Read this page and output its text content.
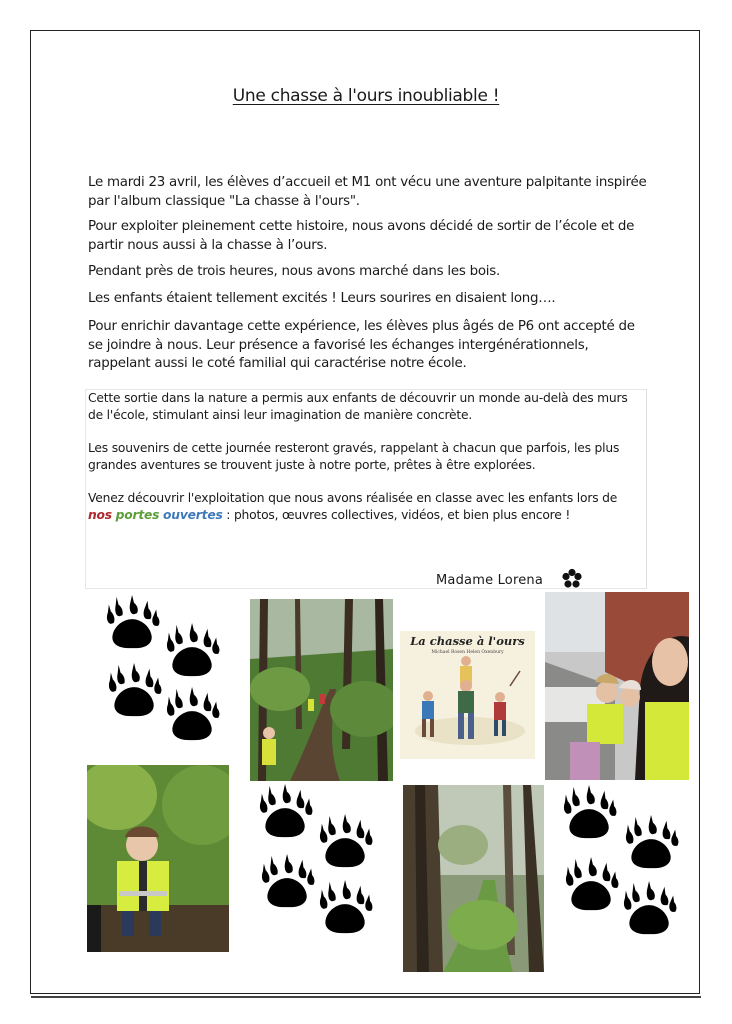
Une chasse à l'ours inoubliable !

Le mardi 23 avril, les élèves d’accueil et M1 ont vécu une aventure palpitante inspirée par l'album classique "La chasse à l'ours".

Pour exploiter pleinement cette histoire, nous avons décidé de sortir de l’école et de partir nous aussi à la chasse à l’ours.

Pendant près de trois heures, nous avons marché dans les bois.

Les enfants étaient tellement excités ! Leurs sourires en disaient long….

Pour enrichir davantage cette expérience, les élèves plus âgés de P6 ont accepté de se joindre à nous. Leur présence a favorisé les échanges intergénérationnels, rappelant aussi le coté familial qui caractérise notre école.

Cette sortie dans la nature a permis aux enfants de découvrir un monde au-delà des murs de l'école, stimulant ainsi leur imagination de manière concrète.

Les souvenirs de cette journée resteront gravés, rappelant à chacun que parfois, les plus grandes aventures se trouvent juste à notre porte, prêtes à être explorées.

Venez découvrir l'exploitation que nous avons réalisée en classe avec les enfants lors de
nos portes ouvertes : photos, œuvres collectives, vidéos, et bien plus encore !

Madame Lorena
La chasse à l'ours
Michael Rosen Helen Oxenbury
